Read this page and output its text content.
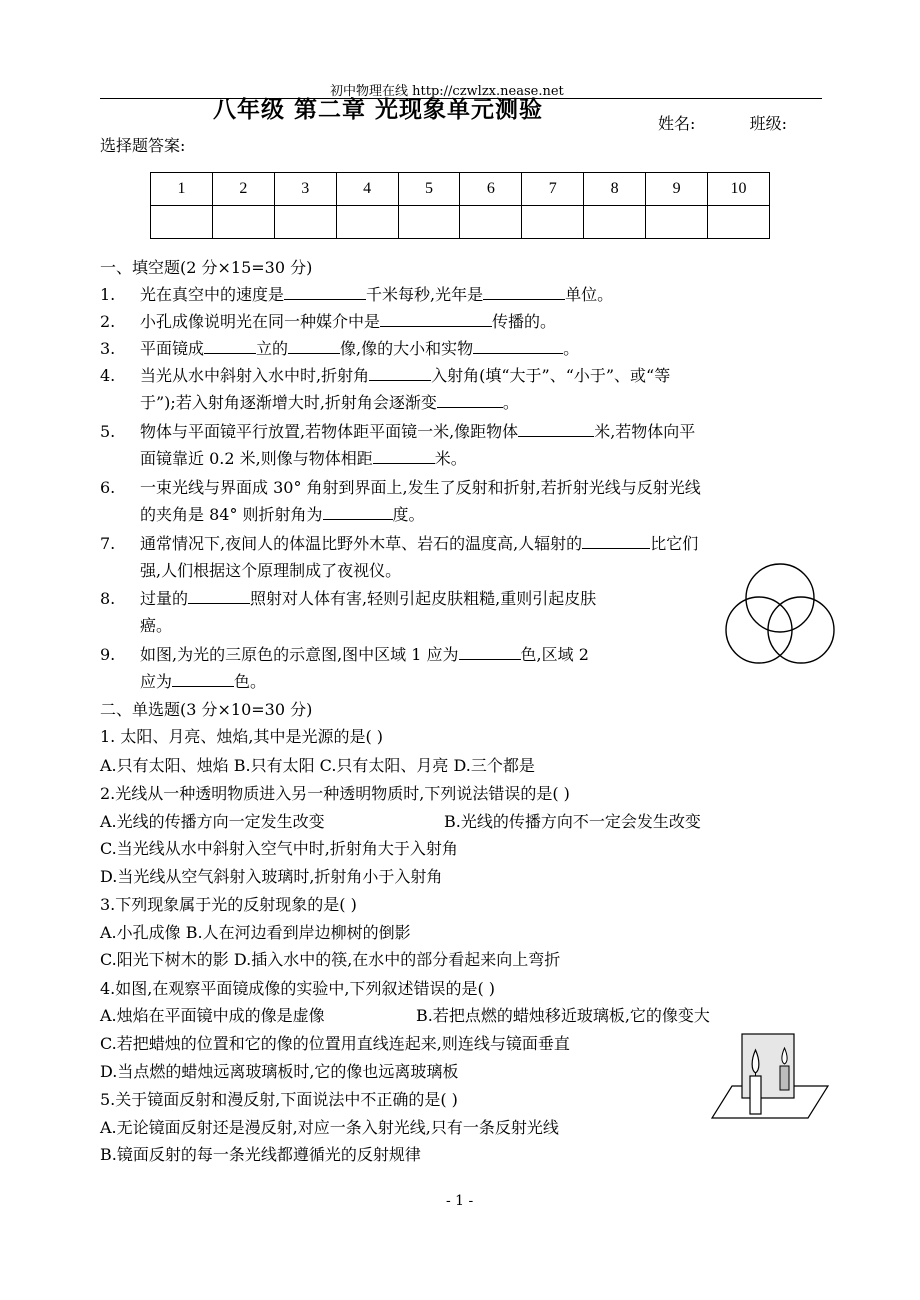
初中物理在线 http://czwlzx.nease.net
八年级 第二章 光现象单元测验
姓名:	班级:
选择题答案:
1	2	3	4	5	6	7	8	9	10

一、填空题(2 分×15=30 分)
1. 光在真空中的速度是	千米每秒,光年是	单位。
2. 小孔成像说明光在同一种媒介中是	传播的。
3. 平面镜成	立的	像,像的大小和实物	。
4. 当光从水中斜射入水中时,折射角	入射角(填“大于”、“小于”、或“等
于”);若入射角逐渐增大时,折射角会逐渐变	。
5. 物体与平面镜平行放置,若物体距平面镜一米,像距物体	米,若物体向平
面镜靠近 0.2 米,则像与物体相距	米。
6. 一束光线与界面成 30° 角射到界面上,发生了反射和折射,若折射光线与反射光线
的夹角是 84° 则折射角为	度。
7. 通常情况下,夜间人的体温比野外木草、岩石的温度高,人辐射的	比它们
强,人们根据这个原理制成了夜视仪。
8. 过量的	照射对人体有害,轻则引起皮肤粗糙,重则引起皮肤
癌。
9. 如图,为光的三原色的示意图,图中区域 1 应为	色,区域 2
应为	色。
二、单选题(3 分×10=30 分)
1. 太阳、月亮、烛焰,其中是光源的是( )
A.只有太阳、烛焰 B.只有太阳 C.只有太阳、月亮 D.三个都是
2.光线从一种透明物质进入另一种透明物质时,下列说法错误的是( )
A.光线的传播方向一定发生改变	B.光线的传播方向不一定会发生改变
C.当光线从水中斜射入空气中时,折射角大于入射角
D.当光线从空气斜射入玻璃时,折射角小于入射角
3.下列现象属于光的反射现象的是( )
A.小孔成像 B.人在河边看到岸边柳树的倒影
C.阳光下树木的影 D.插入水中的筷,在水中的部分看起来向上弯折
4.如图,在观察平面镜成像的实验中,下列叙述错误的是( )
A.烛焰在平面镜中成的像是虚像	B.若把点燃的蜡烛移近玻璃板,它的像变大
C.若把蜡烛的位置和它的像的位置用直线连起来,则连线与镜面垂直
D.当点燃的蜡烛远离玻璃板时,它的像也远离玻璃板
5.关于镜面反射和漫反射,下面说法中不正确的是( )
A.无论镜面反射还是漫反射,对应一条入射光线,只有一条反射光线
B.镜面反射的每一条光线都遵循光的反射规律
- 1 -
